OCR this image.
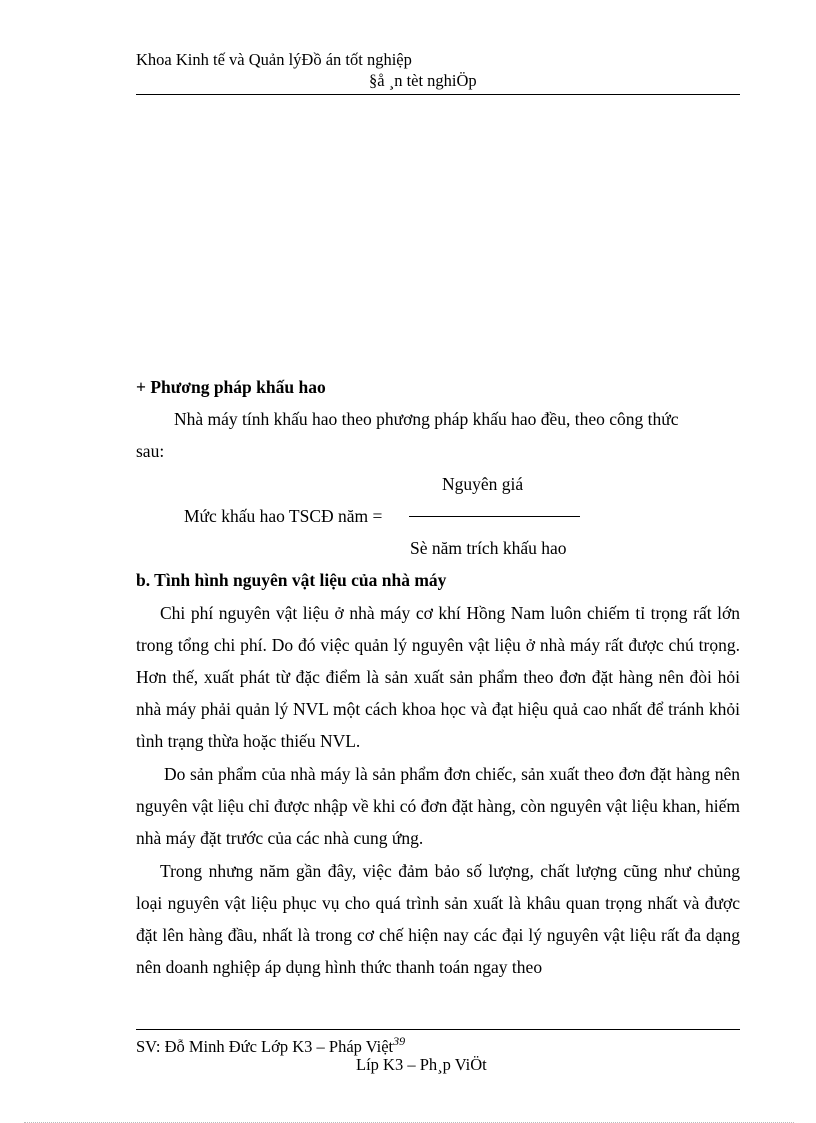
Khoa Kinh tế và Quản lýĐồ án tốt nghiệp
§å ¸n tèt nghiÖp
+ Phương pháp khấu hao
Nhà máy tính khấu hao theo phương pháp khấu hao đều, theo công thức
sau:
Nguyên giá
Mức khấu hao TSCĐ năm =
Sè năm trích khấu hao
b. Tình hình nguyên vật liệu của nhà máy
Chi phí nguyên vật liệu ở nhà máy cơ khí Hồng Nam luôn chiếm tỉ trọng rất lớn trong tổng chi phí. Do đó việc quản lý nguyên vật liệu ở nhà máy rất được chú trọng. Hơn thế, xuất phát từ đặc điểm là sản xuất sản phẩm theo đơn đặt hàng nên đòi hỏi nhà máy phải quản lý NVL một cách khoa học và đạt hiệu quả cao nhất để tránh khỏi tình trạng thừa hoặc thiếu NVL.
Do sản phẩm của nhà máy là sản phẩm đơn chiếc, sản xuất theo đơn đặt hàng nên nguyên vật liệu chỉ được nhập về khi có đơn đặt hàng, còn nguyên vật liệu khan, hiếm nhà máy đặt trước của các nhà cung ứng.
Trong nhưng năm gần đây, việc đảm bảo số lượng, chất lượng cũng như chủng loại nguyên vật liệu phục vụ cho quá trình sản xuất là khâu quan trọng nhất và được đặt lên hàng đầu, nhất là trong cơ chế hiện nay các đại lý nguyên vật liệu rất đa dạng nên doanh nghiệp áp dụng hình thức thanh toán ngay theo
SV: Đỗ Minh Đức Lớp K3 – Pháp Việt$^{39}$
Líp K3 – Ph¸p ViÖt
